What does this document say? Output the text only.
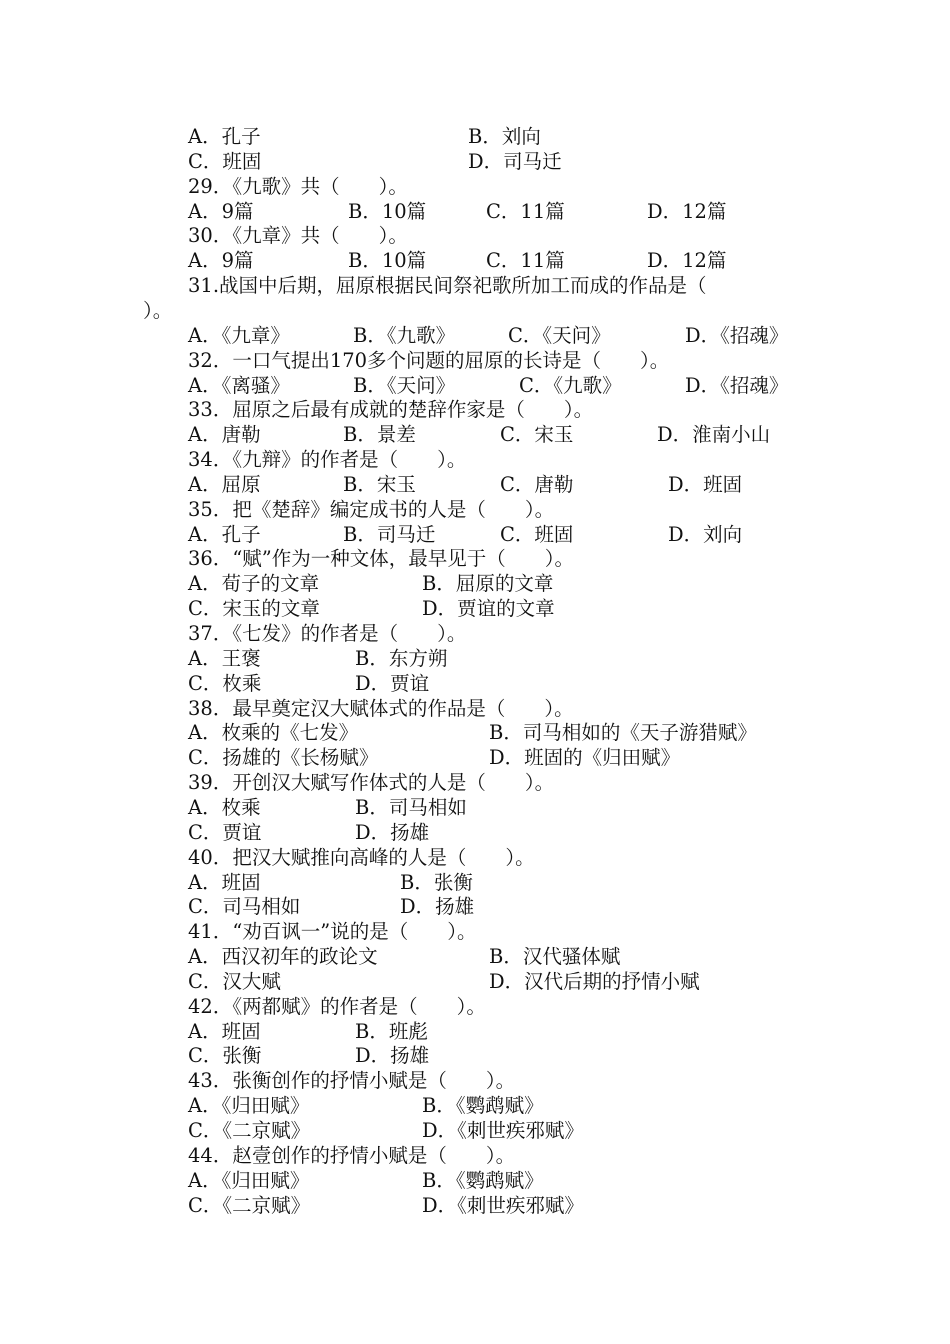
A．孔子	B．刘向
C．班固	D．司马迁
29．《九歌》共（　　）。
A．9篇	B．10篇	C．11篇	D．12篇
30．《九章》共（　　）。
A．9篇	B．10篇	C．11篇	D．12篇
31.战国中后期，屈原根据民间祭祀歌所加工而成的作品是（
）。
A．《九章》	B．《九歌》	C．《天问》	D．《招魂》
32．一口气提出170多个问题的屈原的长诗是（　　）。
A．《离骚》	B．《天问》	C．《九歌》	D．《招魂》
33．屈原之后最有成就的楚辞作家是（　　）。
A．唐勒	B．景差	C．宋玉	D．淮南小山
34．《九辩》的作者是（　　）。
A．屈原	B．宋玉	C．唐勒	D．班固
35．把《楚辞》编定成书的人是（　　）。
A．孔子	B．司马迁	C．班固	D．刘向
36．“赋”作为一种文体，最早见于（　　）。
A．荀子的文章	B．屈原的文章
C．宋玉的文章	D．贾谊的文章
37．《七发》的作者是（　　）。
A．王褒	B．东方朔
C．枚乘	D．贾谊
38．最早奠定汉大赋体式的作品是（　　）。
A．枚乘的《七发》	B．司马相如的《天子游猎赋》
C．扬雄的《长杨赋》	D．班固的《归田赋》
39．开创汉大赋写作体式的人是（　　）。
A．枚乘	B．司马相如
C．贾谊	D．扬雄
40．把汉大赋推向高峰的人是（　　）。
A．班固	B．张衡
C．司马相如	D．扬雄
41．“劝百讽一”说的是（　　）。
A．西汉初年的政论文	B．汉代骚体赋
C．汉大赋	D．汉代后期的抒情小赋
42．《两都赋》的作者是（　　）。
A．班固	B．班彪
C．张衡	D．扬雄
43．张衡创作的抒情小赋是（　　）。
A．《归田赋》	B．《鹦鹉赋》
C．《二京赋》	D．《刺世疾邪赋》
44．赵壹创作的抒情小赋是（　　）。
A．《归田赋》	B．《鹦鹉赋》
C．《二京赋》	D．《刺世疾邪赋》
